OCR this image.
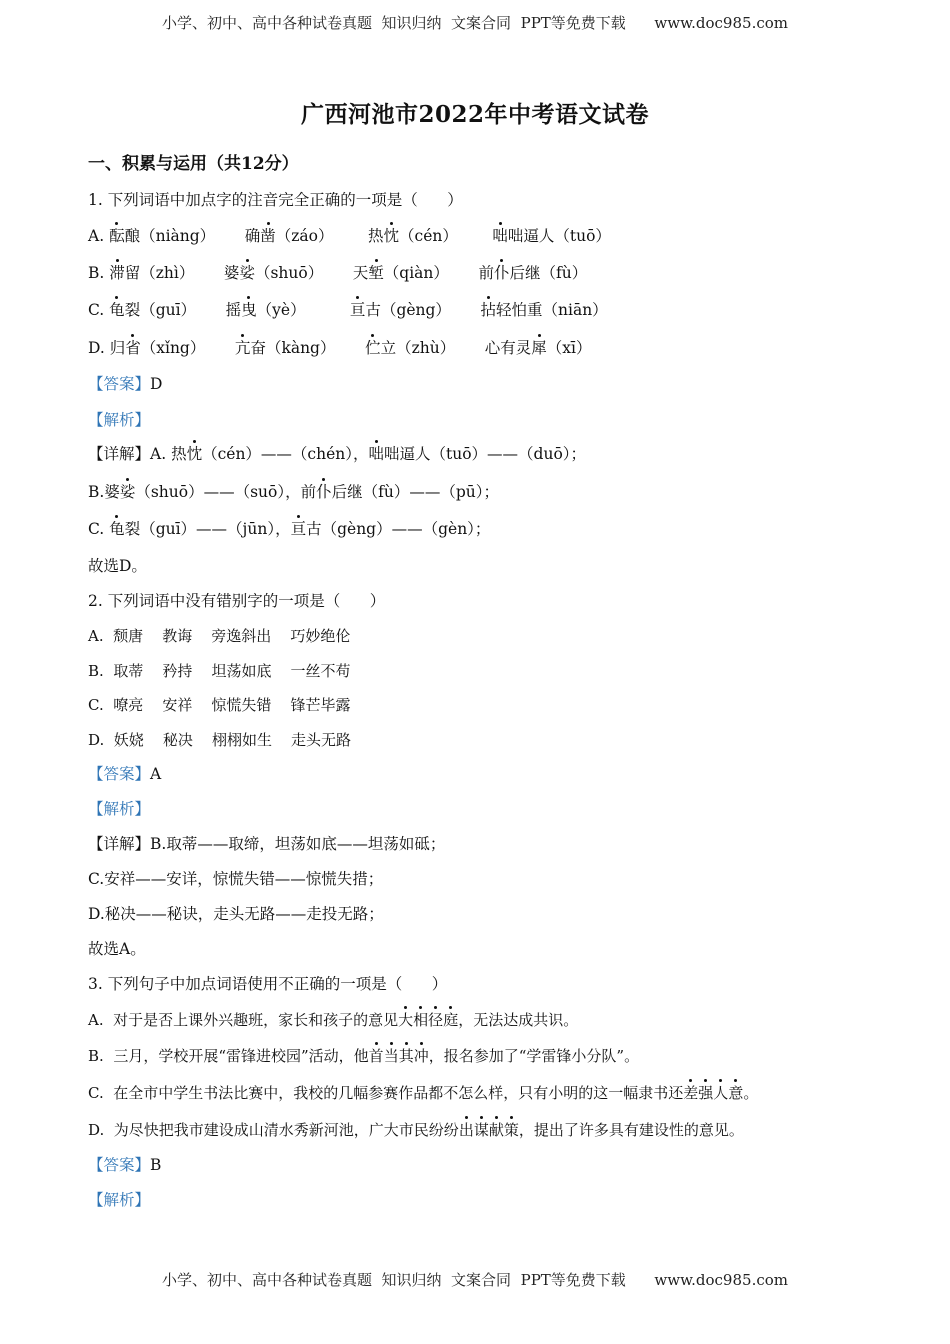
小学、初中、高中各种试卷真题  知识归纳  文案合同  PPT等免费下载      www.doc985.com
广西河池市2022年中考语文试卷
一、积累与运用（共12分）
1. 下列词语中加点字的注音完全正确的一项是（      ）
A. 酝酿（niàng）      确凿（záo）       热忱（cén）       咄咄逼人（tuō）
B. 滞留（zhì）      婆娑（shuō）      天堑（qiàn）      前仆后继（fù）
C. 龟裂（guī）      摇曳（yè）         亘古（gèng）      拈轻怕重（niān）
D. 归省（xǐng）      亢奋（kàng）      伫立（zhù）      心有灵犀（xī）
【答案】D
【解析】
【详解】A. 热忱（cén）——（chén），咄咄逼人（tuō）——（duō）；
B.婆娑（shuō）——（suō），前仆后继（fù）——（pū）；
C. 龟裂（guī）——（jūn），亘古（gèng）——（gèn）；
故选D。
2. 下列词语中没有错别字的一项是（      ）
A.  颓唐    教诲    旁逸斜出    巧妙绝伦
B.  取蒂    矜持    坦荡如底    一丝不苟
C.  嘹亮    安祥    惊慌失错    锋芒毕露
D.  妖娆    秘决    栩栩如生    走头无路
【答案】A
【解析】
【详解】B.取蒂——取缔，坦荡如底——坦荡如砥；
C.安祥——安详，惊慌失错——惊慌失措；
D.秘决——秘诀，走头无路——走投无路；
故选A。
3. 下列句子中加点词语使用不正确的一项是（      ）
A.  对于是否上课外兴趣班，家长和孩子的意见大相径庭，无法达成共识。
B.  三月，学校开展“雷锋进校园”活动，他首当其冲，报名参加了“学雷锋小分队”。
C.  在全市中学生书法比赛中，我校的几幅参赛作品都不怎么样，只有小明的这一幅隶书还差强人意。
D.  为尽快把我市建设成山清水秀新河池，广大市民纷纷出谋献策，提出了许多具有建设性的意见。
【答案】B
【解析】
小学、初中、高中各种试卷真题  知识归纳  文案合同  PPT等免费下载      www.doc985.com
